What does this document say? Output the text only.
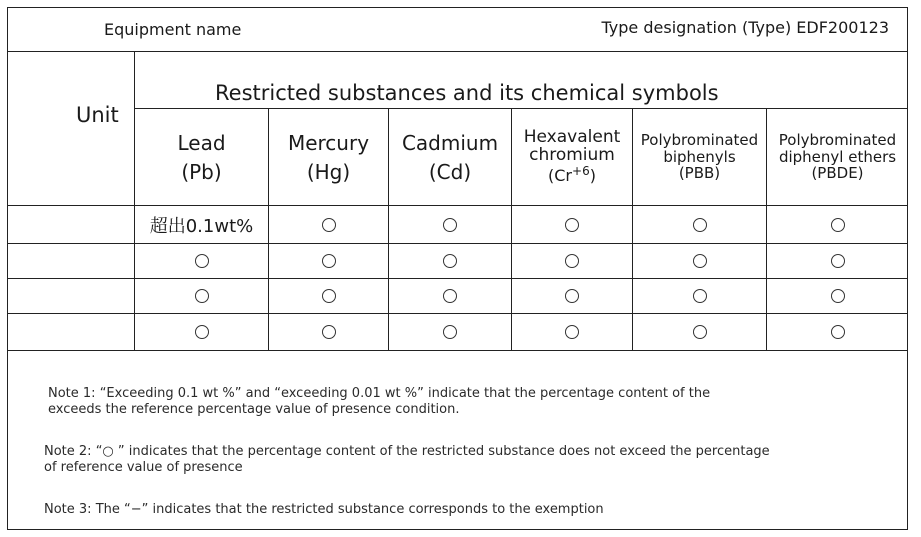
Equipment name	Type designation (Type) EDF200123
Unit
Restricted substances and its chemical symbols
Lead
(Pb)
Mercury
(Hg)
Cadmium
(Cd)
Hexavalent
chromium
$(Cr^{+6})$
Polybrominated
biphenyls
(PBB)
Polybrominated
diphenyl ethers
(PBDE)
超出0.1wt%
Note 1: “Exceeding 0.1 wt %” and “exceeding 0.01 wt %” indicate that the percentage content of the
exceeds the reference percentage value of presence condition.
Note 2: “○ ” indicates that the percentage content of the restricted substance does not exceed the percentage
of reference value of presence
Note 3: The “−” indicates that the restricted substance corresponds to the exemption
